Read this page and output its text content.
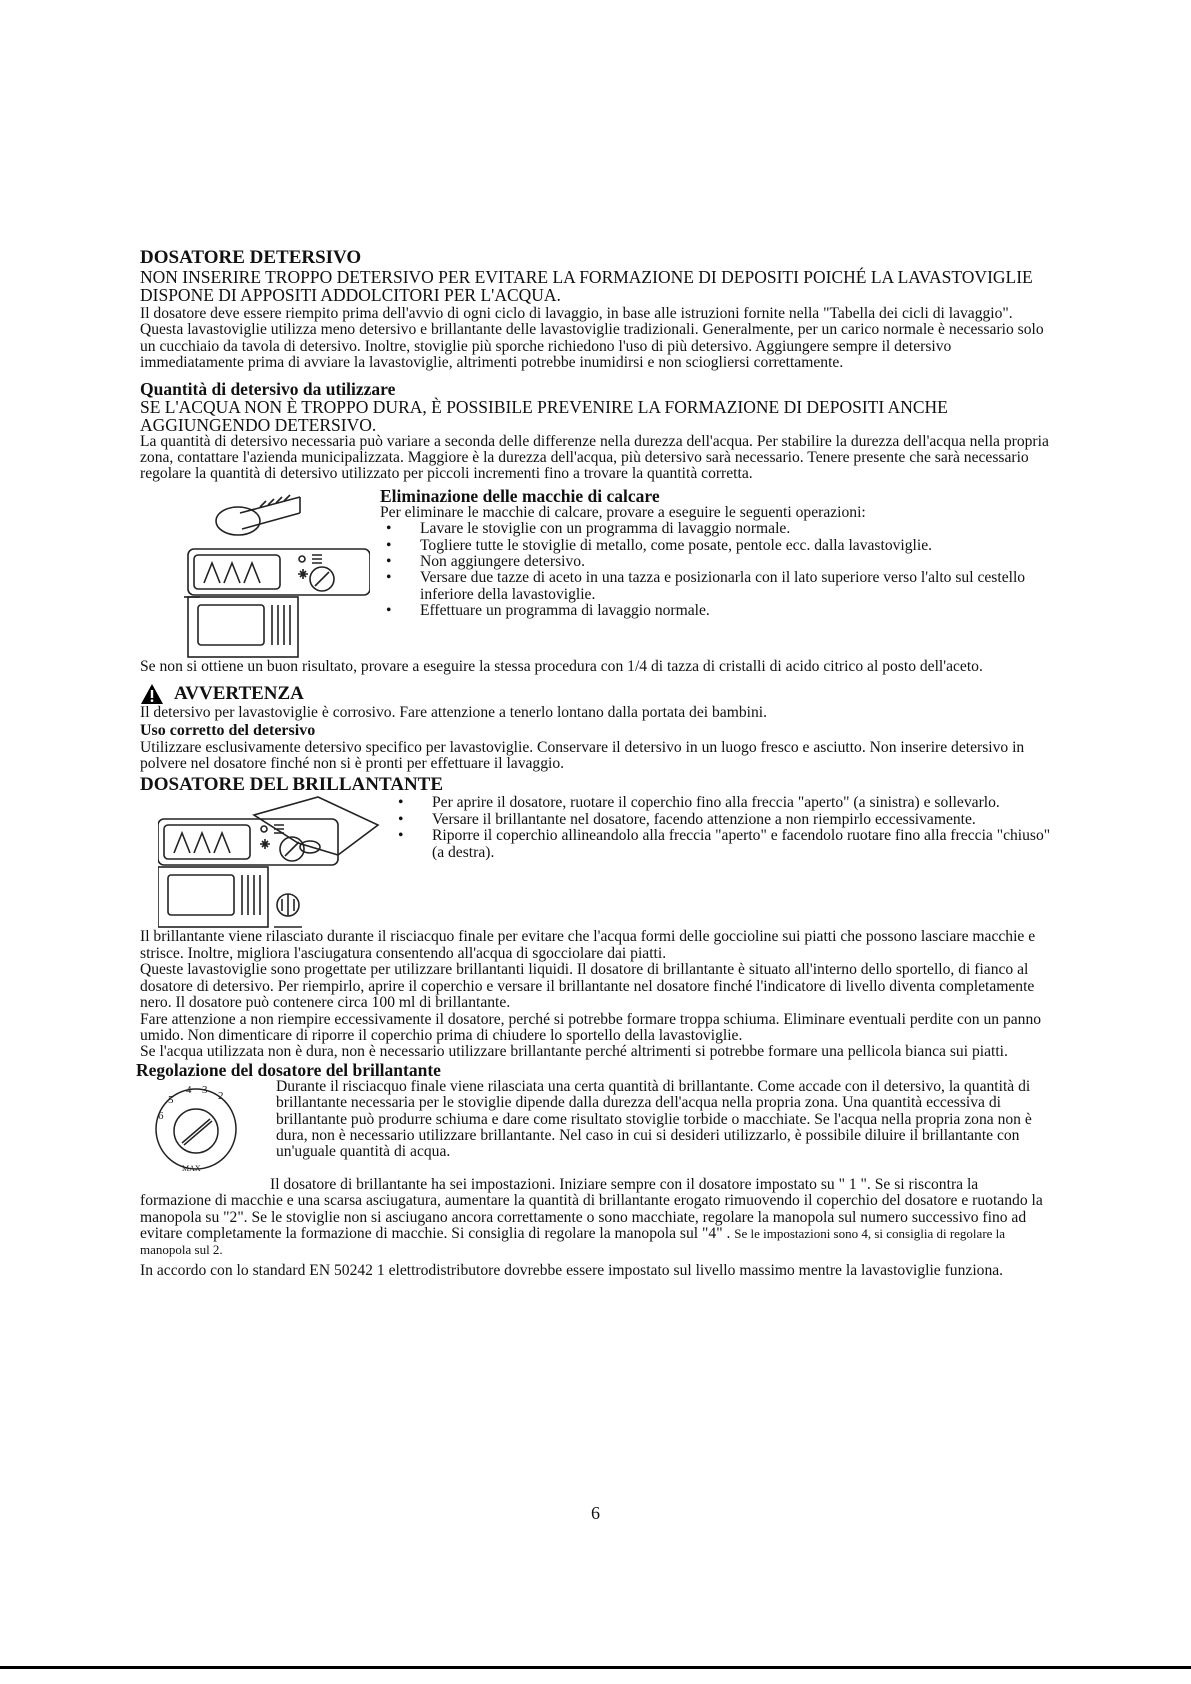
DOSATORE DETERSIVO

NON INSERIRE TROPPO DETERSIVO PER EVITARE LA FORMAZIONE DI DEPOSITI POICHÉ LA LAVASTOVIGLIE DISPONE DI APPOSITI ADDOLCITORI PER L'ACQUA.

Il dosatore deve essere riempito prima dell'avvio di ogni ciclo di lavaggio, in base alle istruzioni fornite nella "Tabella dei cicli di lavaggio". Questa lavastoviglie utilizza meno detersivo e brillantante delle lavastoviglie tradizionali. Generalmente, per un carico normale è necessario solo un cucchiaio da tavola di detersivo. Inoltre, stoviglie più sporche richiedono l'uso di più detersivo. Aggiungere sempre il detersivo immediatamente prima di avviare la lavastoviglie, altrimenti potrebbe inumidirsi e non sciogliersi correttamente.

Quantità di detersivo da utilizzare

SE L'ACQUA NON È TROPPO DURA, È POSSIBILE PREVENIRE LA FORMAZIONE DI DEPOSITI ANCHE AGGIUNGENDO DETERSIVO.

La quantità di detersivo necessaria può variare a seconda delle differenze nella durezza dell'acqua. Per stabilire la durezza dell'acqua nella propria zona, contattare l'azienda municipalizzata. Maggiore è la durezza dell'acqua, più detersivo sarà necessario. Tenere presente che sarà necessario regolare la quantità di detersivo utilizzato per piccoli incrementi fino a trovare la quantità corretta.

Eliminazione delle macchie di calcare

Per eliminare le macchie di calcare, provare a eseguire le seguenti operazioni:

• Lavare le stoviglie con un programma di lavaggio normale.
• Togliere tutte le stoviglie di metallo, come posate, pentole ecc. dalla lavastoviglie.
• Non aggiungere detersivo.
• Versare due tazze di aceto in una tazza e posizionarla con il lato superiore verso l'alto sul cestello inferiore della lavastoviglie.
• Effettuare un programma di lavaggio normale.

Se non si ottiene un buon risultato, provare a eseguire la stessa procedura con 1/4 di tazza di cristalli di acido citrico al posto dell'aceto.

AVVERTENZA

Il detersivo per lavastoviglie è corrosivo. Fare attenzione a tenerlo lontano dalla portata dei bambini.

Uso corretto del detersivo

Utilizzare esclusivamente detersivo specifico per lavastoviglie. Conservare il detersivo in un luogo fresco e asciutto. Non inserire detersivo in polvere nel dosatore finché non si è pronti per effettuare il lavaggio.

DOSATORE DEL BRILLANTANTE
• Per aprire il dosatore, ruotare il coperchio fino alla freccia "aperto" (a sinistra) e sollevarlo.
• Versare il brillantante nel dosatore, facendo attenzione a non riempirlo eccessivamente.
• Riporre il coperchio allineandolo alla freccia "aperto" e facendolo ruotare fino alla freccia "chiuso" (a destra).

Il brillantante viene rilasciato durante il risciacquo finale per evitare che l'acqua formi delle goccioline sui piatti che possono lasciare macchie e strisce. Inoltre, migliora l'asciugatura consentendo all'acqua di sgocciolare dai piatti.

Queste lavastoviglie sono progettate per utilizzare brillantanti liquidi. Il dosatore di brillantante è situato all'interno dello sportello, di fianco al dosatore di detersivo. Per riempirlo, aprire il coperchio e versare il brillantante nel dosatore finché l'indicatore di livello diventa completamente nero. Il dosatore può contenere circa 100 ml di brillantante.

Fare attenzione a non riempire eccessivamente il dosatore, perché si potrebbe formare troppa schiuma. Eliminare eventuali perdite con un panno umido. Non dimenticare di riporre il coperchio prima di chiudere lo sportello della lavastoviglie.

Se l'acqua utilizzata non è dura, non è necessario utilizzare brillantante perché altrimenti si potrebbe formare una pellicola bianca sui piatti.

Regolazione del dosatore del brillantante
4 3 2
5
6
MAX

Durante il risciacquo finale viene rilasciata una certa quantità di brillantante. Come accade con il detersivo, la quantità di brillantante necessaria per le stoviglie dipende dalla durezza dell'acqua nella propria zona. Una quantità eccessiva di brillantante può produrre schiuma e dare come risultato stoviglie torbide o macchiate. Se l'acqua nella propria zona non è dura, non è necessario utilizzare brillantante. Nel caso in cui si desideri utilizzarlo, è possibile diluire il brillantante con un'uguale quantità di acqua.

Il dosatore di brillantante ha sei impostazioni. Iniziare sempre con il dosatore impostato su " 1 ". Se si riscontra la formazione di macchie e una scarsa asciugatura, aumentare la quantità di brillantante erogato rimuovendo il coperchio del dosatore e ruotando la manopola su "2". Se le stoviglie non si asciugano ancora correttamente o sono macchiate, regolare la manopola sul numero successivo fino ad evitare completamente la formazione di macchie. Si consiglia di regolare la manopola sul "4" . Se le impostazioni sono 4, si consiglia di regolare la manopola sul 2.

In accordo con lo standard EN 50242 1 elettrodistributore dovrebbe essere impostato sul livello massimo mentre la lavastoviglie funziona.

6
